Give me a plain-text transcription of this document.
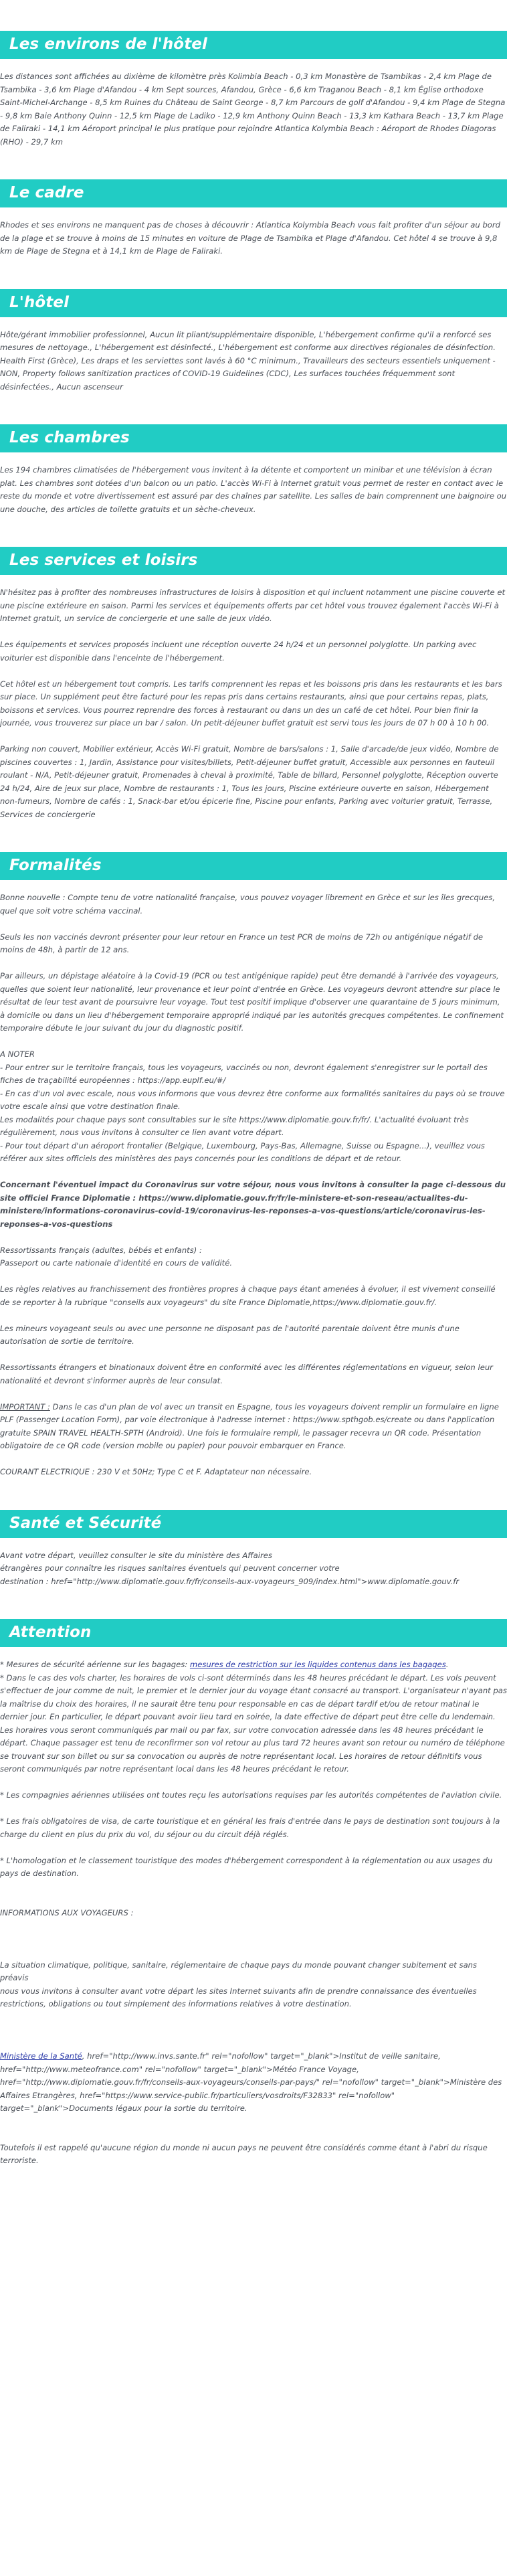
Les environs de l'hôtel

Les distances sont affichées au dixième de kilomètre près Kolimbia Beach - 0,3 km Monastère de Tsambikas - 2,4 km Plage de Tsambika - 3,6 km Plage d'Afandou - 4 km Sept sources, Afandou, Grèce - 6,6 km Traganou Beach - 8,1 km Église orthodoxe Saint-Michel-Archange - 8,5 km Ruines du Château de Saint George - 8,7 km Parcours de golf d'Afandou - 9,4 km Plage de Stegna - 9,8 km Baie Anthony Quinn - 12,5 km Plage de Ladiko - 12,9 km Anthony Quinn Beach - 13,3 km Kathara Beach - 13,7 km Plage de Faliraki - 14,1 km Aéroport principal le plus pratique pour rejoindre Atlantica Kolymbia Beach : Aéroport de Rhodes Diagoras (RHO) - 29,7 km

Le cadre

Rhodes et ses environs ne manquent pas de choses à découvrir : Atlantica Kolymbia Beach vous fait profiter d'un séjour au bord de la plage et se trouve à moins de 15 minutes en voiture de Plage de Tsambika et Plage d'Afandou. Cet hôtel 4 se trouve à 9,8 km de Plage de Stegna et à 14,1 km de Plage de Faliraki.

L'hôtel

Hôte/gérant immobilier professionnel, Aucun lit pliant/supplémentaire disponible, L'hébergement confirme qu'il a renforcé ses mesures de nettoyage., L'hébergement est désinfecté., L'hébergement est conforme aux directives régionales de désinfection. Health First (Grèce), Les draps et les serviettes sont lavés à 60 °C minimum., Travailleurs des secteurs essentiels uniquement - NON, Property follows sanitization practices of COVID-19 Guidelines (CDC), Les surfaces touchées fréquemment sont désinfectées., Aucun ascenseur

Les chambres

Les 194 chambres climatisées de l'hébergement vous invitent à la détente et comportent un minibar et une télévision à écran plat. Les chambres sont dotées d'un balcon ou un patio. L'accès Wi-Fi à Internet gratuit vous permet de rester en contact avec le reste du monde et votre divertissement est assuré par des chaînes par satellite. Les salles de bain comprennent une baignoire ou une douche, des articles de toilette gratuits et un sèche-cheveux.

Les services et loisirs

N'hésitez pas à profiter des nombreuses infrastructures de loisirs à disposition et qui incluent notamment une piscine couverte et une piscine extérieure en saison. Parmi les services et équipements offerts par cet hôtel vous trouvez également l'accès Wi-Fi à Internet gratuit, un service de conciergerie et une salle de jeux vidéo.

Les équipements et services proposés incluent une réception ouverte 24 h/24 et un personnel polyglotte. Un parking avec voiturier est disponible dans l'enceinte de l'hébergement.

Cet hôtel est un hébergement tout compris. Les tarifs comprennent les repas et les boissons pris dans les restaurants et les bars sur place. Un supplément peut être facturé pour les repas pris dans certains restaurants, ainsi que pour certains repas, plats, boissons et services. Vous pourrez reprendre des forces à restaurant ou dans un des un café de cet hôtel. Pour bien finir la journée, vous trouverez sur place un bar / salon. Un petit-déjeuner buffet gratuit est servi tous les jours de 07 h 00 à 10 h 00.

Parking non couvert, Mobilier extérieur, Accès Wi-Fi gratuit, Nombre de bars/salons : 1, Salle d'arcade/de jeux vidéo, Nombre de piscines couvertes : 1, Jardin, Assistance pour visites/billets, Petit-déjeuner buffet gratuit, Accessible aux personnes en fauteuil roulant - N/A, Petit-déjeuner gratuit, Promenades à cheval à proximité, Table de billard, Personnel polyglotte, Réception ouverte 24 h/24, Aire de jeux sur place, Nombre de restaurants : 1, Tous les jours, Piscine extérieure ouverte en saison, Hébergement non-fumeurs, Nombre de cafés : 1, Snack-bar et/ou épicerie fine, Piscine pour enfants, Parking avec voiturier gratuit, Terrasse, Services de conciergerie

Formalités

Bonne nouvelle : Compte tenu de votre nationalité française, vous pouvez voyager librement en Grèce et sur les îles grecques, quel que soit votre schéma vaccinal.

Seuls les non vaccinés devront présenter pour leur retour en France un test PCR de moins de 72h ou antigénique négatif de moins de 48h, à partir de 12 ans.

Par ailleurs, un dépistage aléatoire à la Covid-19 (PCR ou test antigénique rapide) peut être demandé à l'arrivée des voyageurs, quelles que soient leur nationalité, leur provenance et leur point d'entrée en Grèce. Les voyageurs devront attendre sur place le résultat de leur test avant de poursuivre leur voyage. Tout test positif implique d'observer une quarantaine de 5 jours minimum, à domicile ou dans un lieu d'hébergement temporaire approprié indiqué par les autorités grecques compétentes. Le confinement temporaire débute le jour suivant du jour du diagnostic positif.

A NOTER
- Pour entrer sur le territoire français, tous les voyageurs, vaccinés ou non, devront également s'enregistrer sur le portail des fiches de traçabilité européennes : https://app.euplf.eu/#/
- En cas d'un vol avec escale, nous vous informons que vous devrez être conforme aux formalités sanitaires du pays où se trouve votre escale ainsi que votre destination finale.
Les modalités pour chaque pays sont consultables sur le site https://www.diplomatie.gouv.fr/fr/. L'actualité évoluant très régulièrement, nous vous invitons à consulter ce lien avant votre départ.
- Pour tout départ d'un aéroport frontalier (Belgique, Luxembourg, Pays-Bas, Allemagne, Suisse ou Espagne...), veuillez vous référer aux sites officiels des ministères des pays concernés pour les conditions de départ et de retour.

Concernant l'éventuel impact du Coronavirus sur votre séjour, nous vous invitons à consulter la page ci-dessous du site officiel France Diplomatie : https://www.diplomatie.gouv.fr/fr/le-ministere-et-son-reseau/actualites-du-ministere/informations-coronavirus-covid-19/coronavirus-les-reponses-a-vos-questions/article/coronavirus-les-reponses-a-vos-questions

Ressortissants français (adultes, bébés et enfants) :
Passeport ou carte nationale d'identité en cours de validité.

Les règles relatives au franchissement des frontières propres à chaque pays étant amenées à évoluer, il est vivement conseillé de se reporter à la rubrique "conseils aux voyageurs" du site France Diplomatie,https://www.diplomatie.gouv.fr/.

Les mineurs voyageant seuls ou avec une personne ne disposant pas de l'autorité parentale doivent être munis d'une autorisation de sortie de territoire.

Ressortissants étrangers et binationaux doivent être en conformité avec les différentes réglementations en vigueur, selon leur nationalité et devront s'informer auprès de leur consulat.

IMPORTANT : Dans le cas d'un plan de vol avec un transit en Espagne, tous les voyageurs doivent remplir un formulaire en ligne PLF (Passenger Location Form), par voie électronique à l'adresse internet : https://www.spthgob.es/create ou dans l'application gratuite SPAIN TRAVEL HEALTH-SPTH (Android). Une fois le formulaire rempli, le passager recevra un QR code. Présentation obligatoire de ce QR code (version mobile ou papier) pour pouvoir embarquer en France.

COURANT ELECTRIQUE : 230 V et 50Hz; Type C et F. Adaptateur non nécessaire.

Santé et Sécurité
Avant votre départ, veuillez consulter le site du ministère des Affaires
étrangères pour connaître les risques sanitaires éventuels qui peuvent concerner votre
destination : href="http://www.diplomatie.gouv.fr/fr/conseils-aux-voyageurs_909/index.html">www.diplomatie.gouv.fr
Attention
* Mesures de sécurité aérienne sur les bagages: mesures de restriction sur les liquides contenus dans les bagages.

* Dans le cas des vols charter, les horaires de vols ci-sont déterminés dans les 48 heures précédant le départ. Les vols peuvent s'effectuer de jour comme de nuit, le premier et le dernier jour du voyage étant consacré au transport. L'organisateur n'ayant pas la maîtrise du choix des horaires, il ne saurait être tenu pour responsable en cas de départ tardif et/ou de retour matinal le dernier jour. En particulier, le départ pouvant avoir lieu tard en soirée, la date effective de départ peut être celle du lendemain. Les horaires vous seront communiqués par mail ou par fax, sur votre convocation adressée dans les 48 heures précédant le départ. Chaque passager est tenu de reconfirmer son vol retour au plus tard 72 heures avant son retour ou numéro de téléphone se trouvant sur son billet ou sur sa convocation ou auprès de notre représentant local. Les horaires de retour définitifs vous seront communiqués par notre représentant local dans les 48 heures précédant le retour.

* Les compagnies aériennes utilisées ont toutes reçu les autorisations requises par les autorités compétentes de l'aviation civile.

* Les frais obligatoires de visa, de carte touristique et en général les frais d'entrée dans le pays de destination sont toujours à la charge du client en plus du prix du vol, du séjour ou du circuit déjà réglés.

* L'homologation et le classement touristique des modes d'hébergement correspondent à la réglementation ou aux usages du pays de destination.

INFORMATIONS AUX VOYAGEURS :

La situation climatique, politique, sanitaire, réglementaire de chaque pays du monde pouvant changer subitement et sans préavis
nous vous invitons à consulter avant votre départ les sites Internet suivants afin de prendre connaissance des éventuelles restrictions, obligations ou tout simplement des informations relatives à votre destination.

Ministère de la Santé, href="http://www.invs.sante.fr" rel="nofollow" target="_blank">Institut de veille sanitaire, href="http://www.meteofrance.com" rel="nofollow" target="_blank">Météo France Voyage, href="http://www.diplomatie.gouv.fr/fr/conseils-aux-voyageurs/conseils-par-pays/" rel="nofollow" target="_blank">Ministère des Affaires Etrangères, href="https://www.service-public.fr/particuliers/vosdroits/F32833" rel="nofollow" target="_blank">Documents légaux pour la sortie du territoire.

Toutefois il est rappelé qu'aucune région du monde ni aucun pays ne peuvent être considérés comme étant à l'abri du risque terroriste.
